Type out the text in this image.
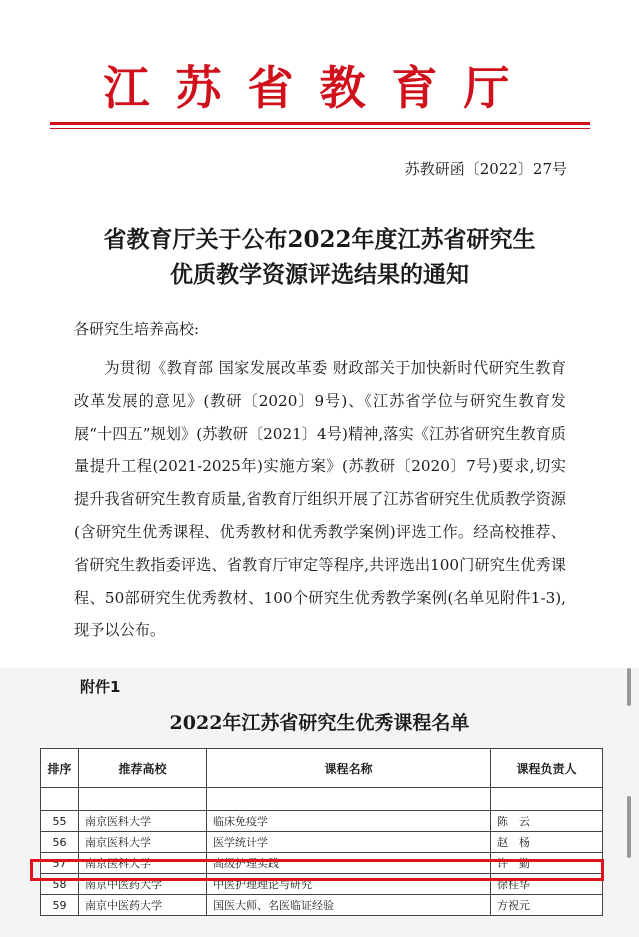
江苏省教育厅
苏教研函〔2022〕27号
省教育厅关于公布2022年度江苏省研究生
优质教学资源评选结果的通知
各研究生培养高校:
为贯彻《教育部 国家发展改革委 财政部关于加快新时代研究生教育改革发展的意见》(教研〔2020〕9号)、《江苏省学位与研究生教育发展“十四五”规划》(苏教研〔2021〕4号)精神,落实《江苏省研究生教育质量提升工程(2021-2025年)实施方案》(苏教研〔2020〕7号)要求,切实提升我省研究生教育质量,省教育厅组织开展了江苏省研究生优质教学资源(含研究生优秀课程、优秀教材和优秀教学案例)评选工作。经高校推荐、省研究生教指委评选、省教育厅审定等程序,共评选出100门研究生优秀课程、50部研究生优秀教材、100个研究生优秀教学案例(名单见附件1-3),现予以公布。
附件1
2022年江苏省研究生优秀课程名单
排序	推荐高校	课程名称	课程负责人

55	南京医科大学	临床免疫学	陈　云
56	南京医科大学	医学统计学	赵　杨
57	南京医科大学	高级护理实践	许　勤
58	南京中医药大学	中医护理理论与研究	徐桂华
59	南京中医药大学	国医大师、名医临证经验	方祝元
